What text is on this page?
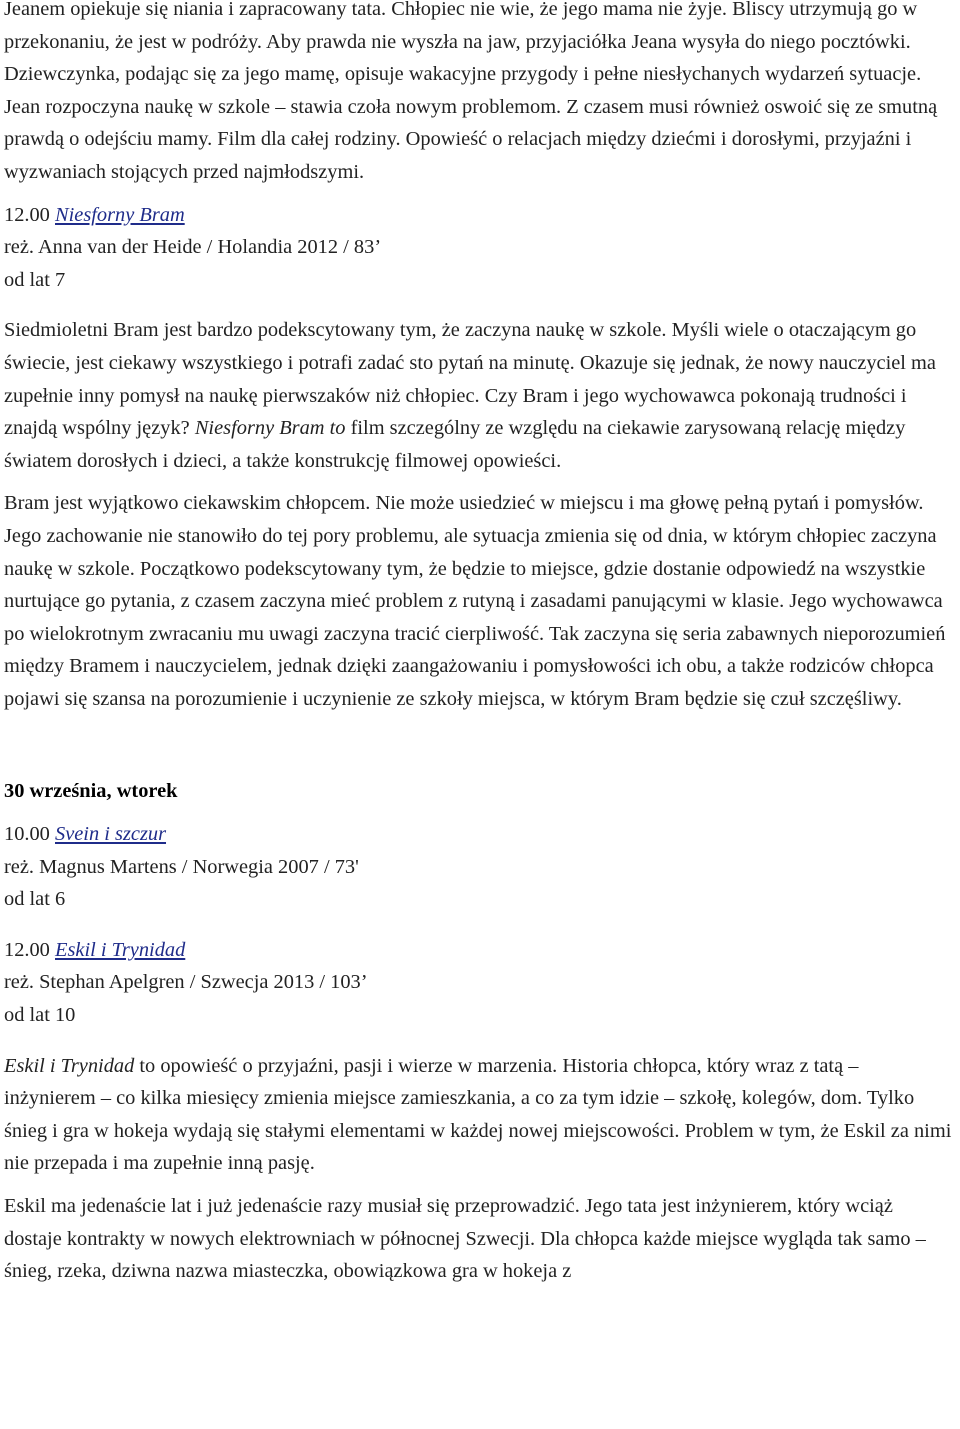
Jeanem opiekuje się niania i zapracowany tata. Chłopiec nie wie, że jego mama nie żyje. Bliscy utrzymują go w przekonaniu, że jest w podróży. Aby prawda nie wyszła na jaw, przyjaciółka Jeana wysyła do niego pocztówki. Dziewczynka, podając się za jego mamę, opisuje wakacyjne przygody i pełne niesłychanych wydarzeń sytuacje. Jean rozpoczyna naukę w szkole – stawia czoła nowym problemom. Z czasem musi również oswoić się ze smutną prawdą o odejściu mamy. Film dla całej rodziny. Opowieść o relacjach między dziećmi i dorosłymi, przyjaźni i wyzwaniach stojących przed najmłodszymi.

12.00 Niesforny Bram
reż. Anna van der Heide / Holandia 2012 / 83’
od lat 7

Siedmioletni Bram jest bardzo podekscytowany tym, że zaczyna naukę w szkole. Myśli wiele o otaczającym go świecie, jest ciekawy wszystkiego i potrafi zadać sto pytań na minutę. Okazuje się jednak, że nowy nauczyciel ma zupełnie inny pomysł na naukę pierwszaków niż chłopiec. Czy Bram i jego wychowawca pokonają trudności i znajdą wspólny język? Niesforny Bram to film szczególny ze względu na ciekawie zarysowaną relację między światem dorosłych i dzieci, a także konstrukcję filmowej opowieści.

Bram jest wyjątkowo ciekawskim chłopcem. Nie może usiedzieć w miejscu i ma głowę pełną pytań i pomysłów. Jego zachowanie nie stanowiło do tej pory problemu, ale sytuacja zmienia się od dnia, w którym chłopiec zaczyna naukę w szkole. Początkowo podekscytowany tym, że będzie to miejsce, gdzie dostanie odpowiedź na wszystkie nurtujące go pytania, z czasem zaczyna mieć problem z rutyną i zasadami panującymi w klasie. Jego wychowawca po wielokrotnym zwracaniu mu uwagi zaczyna tracić cierpliwość. Tak zaczyna się seria zabawnych nieporozumień między Bramem i nauczycielem, jednak dzięki zaangażowaniu i pomysłowości ich obu, a także rodziców chłopca pojawi się szansa na porozumienie i uczynienie ze szkoły miejsca, w którym Bram będzie się czuł szczęśliwy.

30 września, wtorek

10.00 Svein i szczur
reż. Magnus Martens / Norwegia 2007 / 73'
od lat 6
12.00 Eskil i Trynidad
reż. Stephan Apelgren / Szwecja 2013 / 103’
od lat 10

Eskil i Trynidad to opowieść o przyjaźni, pasji i wierze w marzenia. Historia chłopca, który wraz z tatą – inżynierem – co kilka miesięcy zmienia miejsce zamieszkania, a co za tym idzie – szkołę, kolegów, dom. Tylko śnieg i gra w hokeja wydają się stałymi elementami w każdej nowej miejscowości. Problem w tym, że Eskil za nimi nie przepada i ma zupełnie inną pasję.

Eskil ma jedenaście lat i już jedenaście razy musiał się przeprowadzić. Jego tata jest inżynierem, który wciąż dostaje kontrakty w nowych elektrowniach w północnej Szwecji. Dla chłopca każde miejsce wygląda tak samo – śnieg, rzeka, dziwna nazwa miasteczka, obowiązkowa gra w hokeja z
